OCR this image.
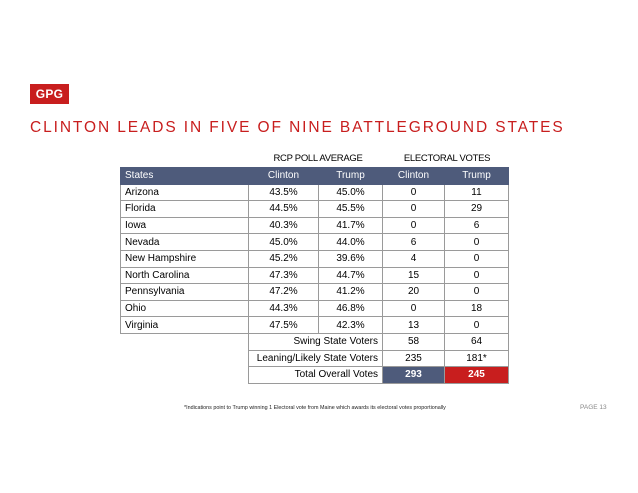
GPG
CLINTON LEADS IN FIVE OF NINE BATTLEGROUND STATES
RCP POLL AVERAGE	ELECTORAL VOTES
States	Clinton	Trump	Clinton	Trump
Arizona	43.5%	45.0%	0	11
Florida	44.5%	45.5%	0	29
Iowa	40.3%	41.7%	0	6
Nevada	45.0%	44.0%	6	0
New Hampshire	45.2%	39.6%	4	0
North Carolina	47.3%	44.7%	15	0
Pennsylvania	47.2%	41.2%	20	0
Ohio	44.3%	46.8%	0	18
Virginia	47.5%	42.3%	13	0
	Swing State Voters		58	64
	Leaning/Likely State Voters		235	181*
	Total Overall Votes		293	245
*Indications point to Trump winning 1 Electoral vote from Maine which awards its electoral votes proportionally	PAGE 13
